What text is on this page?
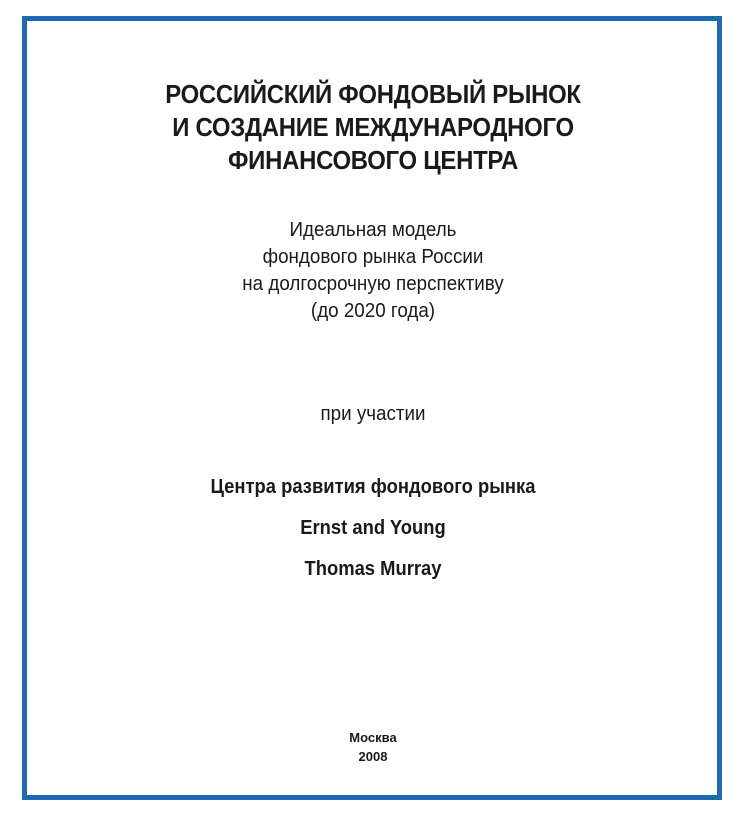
РОССИЙСКИЙ ФОНДОВЫЙ РЫНОК
И СОЗДАНИЕ МЕЖДУНАРОДНОГО
ФИНАНСОВОГО ЦЕНТРА
Идеальная модель
фондового рынка России
на долгосрочную перспективу
(до 2020 года)
при участии
Центра развития фондового рынка
Ernst and Young
Thomas Murray
Москва
2008
